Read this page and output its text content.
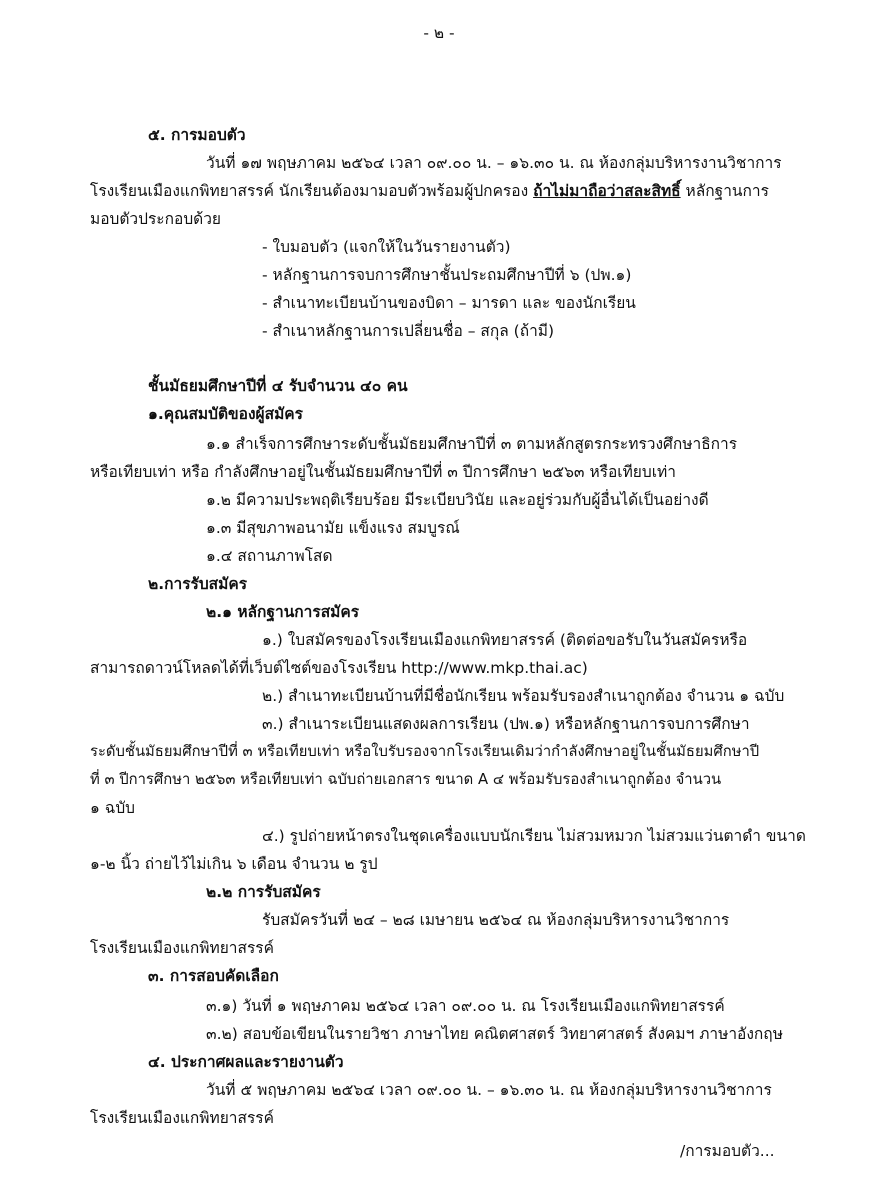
- ๒ -
๕. การมอบตัว
วันที่ ๑๗ พฤษภาคม ๒๕๖๔ เวลา ๐๙.๐๐ น. – ๑๖.๓๐ น. ณ ห้องกลุ่มบริหารงานวิชาการ
โรงเรียนเมืองแกพิทยาสรรค์ นักเรียนต้องมามอบตัวพร้อมผู้ปกครอง ถ้าไม่มาถือว่าสละสิทธิ์ หลักฐานการ
มอบตัวประกอบด้วย
- ใบมอบตัว (แจกให้ในวันรายงานตัว)
- หลักฐานการจบการศึกษาชั้นประถมศึกษาปีที่ ๖ (ปพ.๑)
- สำเนาทะเบียนบ้านของบิดา – มารดา และ ของนักเรียน
- สำเนาหลักฐานการเปลี่ยนชื่อ – สกุล (ถ้ามี)
ชั้นมัธยมศึกษาปีที่ ๔ รับจำนวน ๔๐ คน
๑.คุณสมบัติของผู้สมัคร
๑.๑ สำเร็จการศึกษาระดับชั้นมัธยมศึกษาปีที่ ๓ ตามหลักสูตรกระทรวงศึกษาธิการ
หรือเทียบเท่า หรือ กำลังศึกษาอยู่ในชั้นมัธยมศึกษาปีที่ ๓ ปีการศึกษา ๒๕๖๓ หรือเทียบเท่า
๑.๒ มีความประพฤติเรียบร้อย มีระเบียบวินัย และอยู่ร่วมกับผู้อื่นได้เป็นอย่างดี
๑.๓ มีสุขภาพอนามัย แข็งแรง สมบูรณ์
๑.๔ สถานภาพโสด
๒.การรับสมัคร
๒.๑ หลักฐานการสมัคร
๑.) ใบสมัครของโรงเรียนเมืองแกพิทยาสรรค์ (ติดต่อขอรับในวันสมัครหรือ
สามารถดาวน์โหลดได้ที่เว็บต์ไซต์ของโรงเรียน http://www.mkp.thai.ac)
๒.) สำเนาทะเบียนบ้านที่มีชื่อนักเรียน พร้อมรับรองสำเนาถูกต้อง จำนวน ๑ ฉบับ
๓.) สำเนาระเบียนแสดงผลการเรียน (ปพ.๑) หรือหลักฐานการจบการศึกษา
ระดับชั้นมัธยมศึกษาปีที่ ๓ หรือเทียบเท่า หรือใบรับรองจากโรงเรียนเดิมว่ากำลังศึกษาอยู่ในชั้นมัธยมศึกษาปี
ที่ ๓ ปีการศึกษา ๒๕๖๓ หรือเทียบเท่า ฉบับถ่ายเอกสาร ขนาด A ๔ พร้อมรับรองสำเนาถูกต้อง จำนวน
๑ ฉบับ
๔.) รูปถ่ายหน้าตรงในชุดเครื่องแบบนักเรียน ไม่สวมหมวก ไม่สวมแว่นตาดำ ขนาด
๑-๒ นิ้ว ถ่ายไว้ไม่เกิน ๖ เดือน จำนวน ๒ รูป
๒.๒ การรับสมัคร
รับสมัครวันที่ ๒๔ – ๒๘ เมษายน ๒๕๖๔ ณ ห้องกลุ่มบริหารงานวิชาการ
โรงเรียนเมืองแกพิทยาสรรค์
๓. การสอบคัดเลือก
๓.๑) วันที่ ๑ พฤษภาคม ๒๕๖๔ เวลา ๐๙.๐๐ น. ณ โรงเรียนเมืองแกพิทยาสรรค์
๓.๒) สอบข้อเขียนในรายวิชา ภาษาไทย คณิตศาสตร์ วิทยาศาสตร์ สังคมฯ ภาษาอังกฤษ
๔. ประกาศผลและรายงานตัว
วันที่ ๕ พฤษภาคม ๒๕๖๔ เวลา ๐๙.๐๐ น. – ๑๖.๓๐ น. ณ ห้องกลุ่มบริหารงานวิชาการ
โรงเรียนเมืองแกพิทยาสรรค์
/การมอบตัว...
